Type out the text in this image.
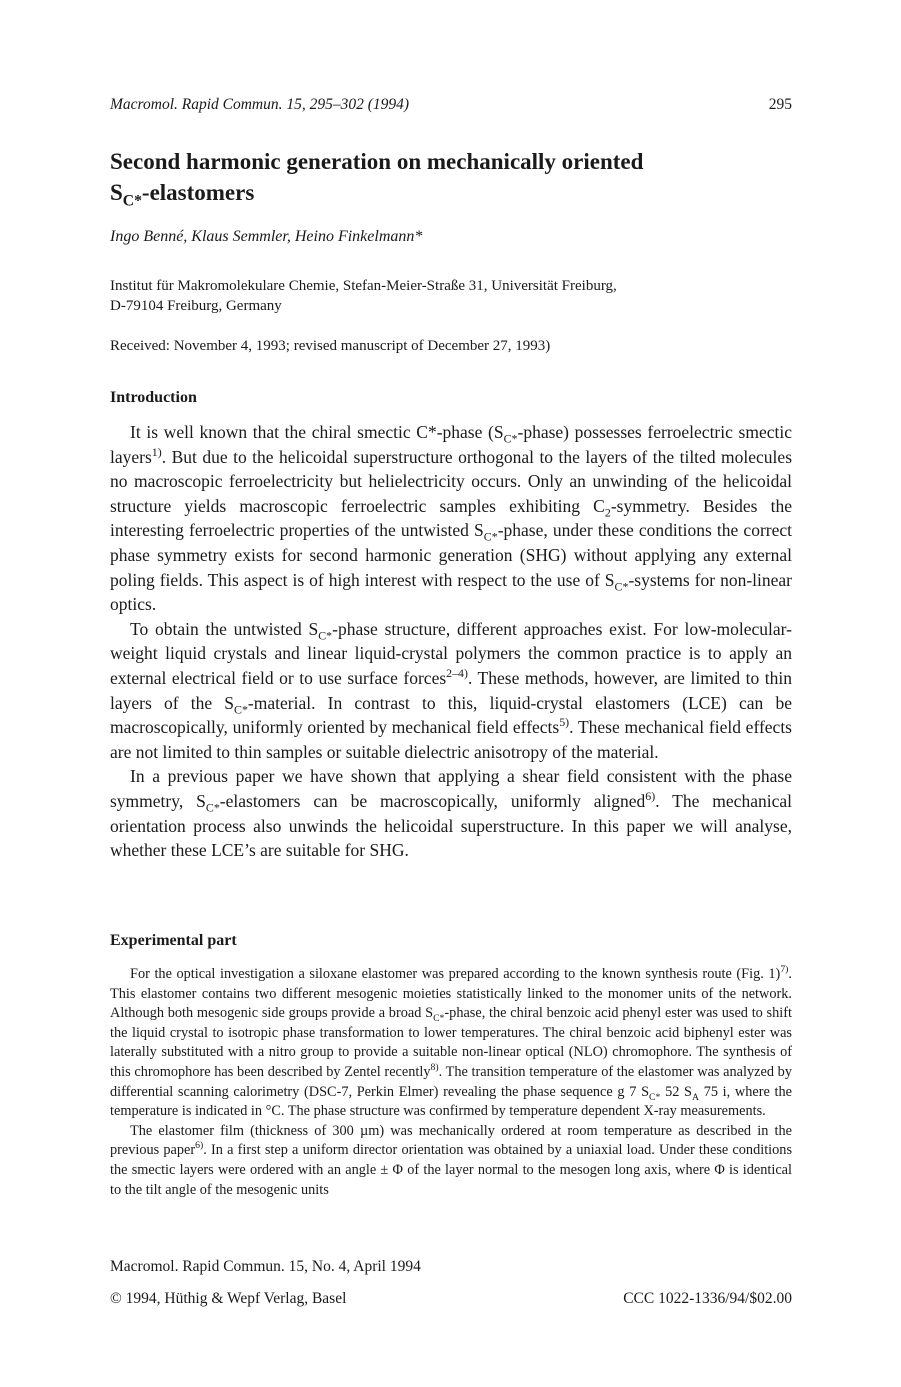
Macromol. Rapid Commun. 15, 295–302 (1994)	295
Second harmonic generation on mechanically oriented
$S_{C*}$-elastomers
Ingo Benné, Klaus Semmler, Heino Finkelmann*
Institut für Makromolekulare Chemie, Stefan-Meier-Straße 31, Universität Freiburg,
D-79104 Freiburg, Germany
Received: November 4, 1993; revised manuscript of December 27, 1993)
Introduction

It is well known that the chiral smectic C*-phase $(S_{C*}-phase)$ possesses ferroelectric smectic layers$^{1)}$. But due to the helicoidal superstructure orthogonal to the layers of the tilted molecules no macroscopic ferroelectricity but helielectricity occurs. Only an unwinding of the helicoidal structure yields macroscopic ferroelectric samples exhibiting $C_2$-symmetry. Besides the interesting ferroelectric properties of the untwisted $S_{C*}$-phase, under these conditions the correct phase symmetry exists for second harmonic generation (SHG) without applying any external poling fields. This aspect is of high interest with respect to the use of $S_{C*}$-systems for non-linear optics.

To obtain the untwisted $S_{C*}$-phase structure, different approaches exist. For low-molecular-weight liquid crystals and linear liquid-crystal polymers the common practice is to apply an external electrical field or to use surface forces$^{2-4)}$. These methods, however, are limited to thin layers of the $S_{C*}$-material. In contrast to this, liquid-crystal elastomers (LCE) can be macroscopically, uniformly oriented by mechanical field effects$^{5)}$. These mechanical field effects are not limited to thin samples or suitable dielectric anisotropy of the material.

In a previous paper we have shown that applying a shear field consistent with the phase symmetry, $S_{C*}$-elastomers can be macroscopically, uniformly aligned$^{6)}$. The mechanical orientation process also unwinds the helicoidal superstructure. In this paper we will analyse, whether these LCE’s are suitable for SHG.

Experimental part

For the optical investigation a siloxane elastomer was prepared according to the known synthesis route (Fig. 1)$^{7)}$. This elastomer contains two different mesogenic moieties statistically linked to the monomer units of the network. Although both mesogenic side groups provide a broad $S_{C*}$-phase, the chiral benzoic acid phenyl ester was used to shift the liquid crystal to isotropic phase transformation to lower temperatures. The chiral benzoic acid biphenyl ester was laterally substituted with a nitro group to provide a suitable non-linear optical (NLO) chromophore. The synthesis of this chromophore has been described by Zentel recently$^{8)}$. The transition temperature of the elastomer was analyzed by differential scanning calorimetry (DSC-7, Perkin Elmer) revealing the phase sequence g 7 $S_{C*}$ 52 $S_A$ 75 i, where the temperature is indicated in °C. The phase structure was confirmed by temperature dependent X-ray measurements.

The elastomer film (thickness of 300 µm) was mechanically ordered at room temperature as described in the previous paper$^{6)}$. In a first step a uniform director orientation was obtained by a uniaxial load. Under these conditions the smectic layers were ordered with an angle ± Φ of the layer normal to the mesogen long axis, where Φ is identical to the tilt angle of the mesogenic units

Macromol. Rapid Commun. 15, No. 4, April 1994
© 1994, Hüthig & Wepf Verlag, Basel	CCC 1022-1336/94/$02.00
